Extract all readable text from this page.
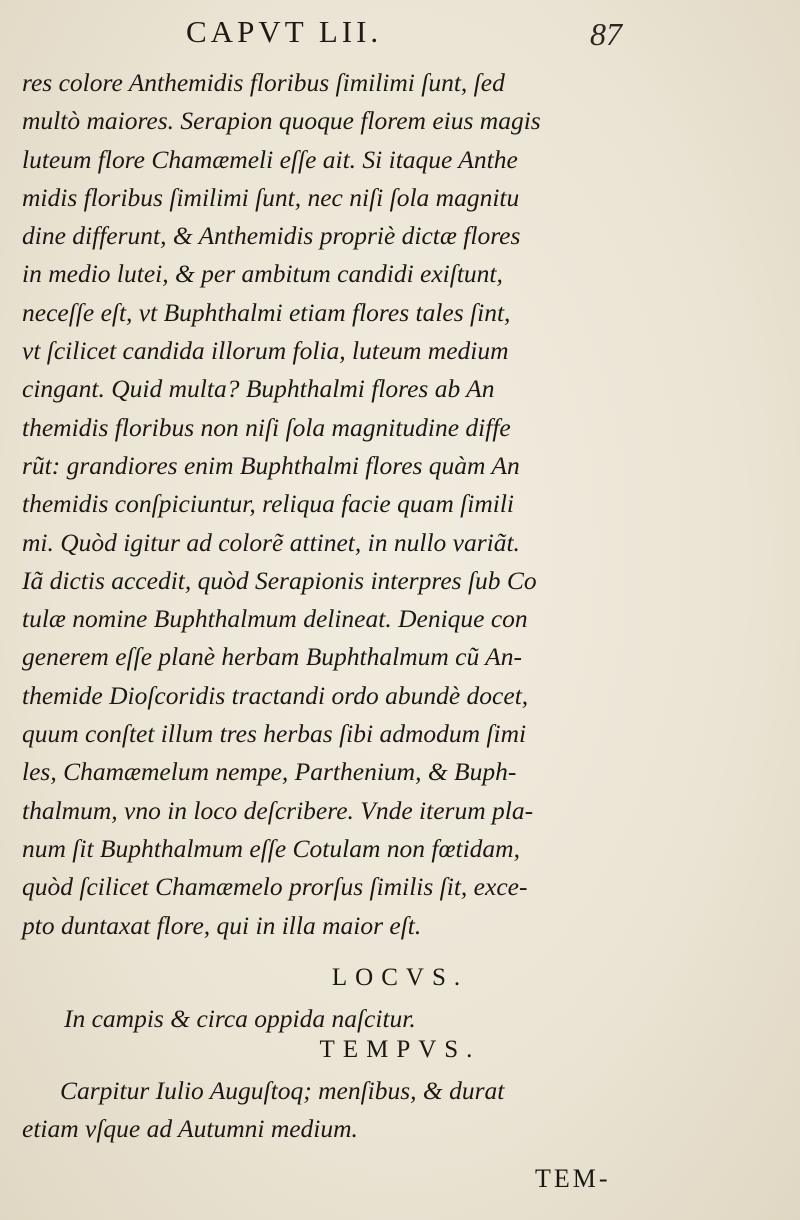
CAPVT LII.	87
res colore Anthemidis floribus ſimilimi ſunt, ſed
multò maiores. Serapion quoque florem eius magis
luteum flore Chamæmeli eſſe ait. Si itaque Anthe
midis floribus ſimilimi ſunt, nec niſi ſola magnitu
dine differunt, & Anthemidis propriè dictæ flores
in medio lutei, & per ambitum candidi exiſtunt,
neceſſe eſt, vt Buphthalmi etiam flores tales ſint,
vt ſcilicet candida illorum folia, luteum medium
cingant. Quid multa? Buphthalmi flores ab An
themidis floribus non niſi ſola magnitudine diffe
rũt: grandiores enim Buphthalmi flores quàm An
themidis conſpiciuntur, reliqua facie quam ſimili
mi. Quòd igitur ad colorẽ attinet, in nullo variãt.
Iã dictis accedit, quòd Serapionis interpres ſub Co
tulæ nomine Buphthalmum delineat. Denique con
generem eſſe planè herbam Buphthalmum cũ An-
themide Dioſcoridis tractandi ordo abundè docet,
quum conſtet illum tres herbas ſibi admodum ſimi
les, Chamæmelum nempe, Parthenium, & Buph-
thalmum, vno in loco deſcribere. Vnde iterum pla-
num ſit Buphthalmum eſſe Cotulam non fœtidam,
quòd ſcilicet Chamæmelo prorſus ſimilis ſit, exce-
pto duntaxat flore, qui in illa maior eſt.
LOCVS.
In campis & circa oppida naſcitur.
TEMPVS.
Carpitur Iulio Auguſtoq; menſibus, & durat
etiam vſque ad Autumni medium.
TEM-
